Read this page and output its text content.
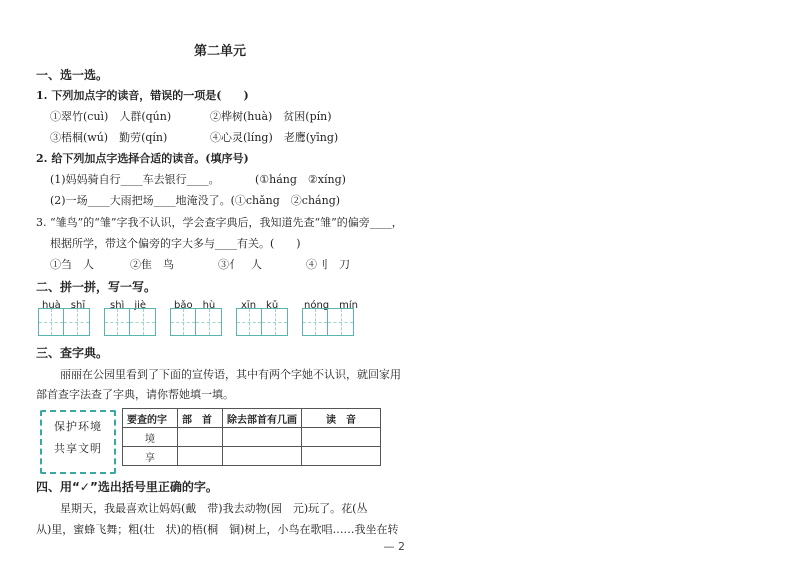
第二单元
一、选一选。
1. 下列加点字的读音，错误的一项是(　　)
①翠竹(cuì)　人群(qún)	②桦树(huà)　贫困(pín)
③梧桐(wú)　勤劳(qín)	④心灵(líng)　老鹰(yīng)
2. 给下列加点字选择合适的读音。(填序号)
(1)妈妈骑自行____车去银行____。	(①háng　②xíng)
(2)一场____大雨把场____地淹没了。(①chǎng　②cháng)
3. “雏鸟”的“雏”字我不认识，学会查字典后，我知道先查“雏”的偏旁____，
根据所学，带这个偏旁的字大多与____有关。(　　)
①刍　人	②隹　鸟	③亻　人	④刂　刀
二、拼一拼，写一写。
huà　shī shì　jiè	bǎo　hù	xīn　kǔ	nóng　mín
三、查字典。
丽丽在公园里看到了下面的宣传语，其中有两个字她不认识，就回家用
部首查字法查了字典，请你帮她填一填。
保护环境
共享文明
要查的字	部　首	除去部首有几画	读　音
境			
享			
四、用“✓”选出括号里正确的字。
星期天，我最喜欢让妈妈(戴　带)我去动物(园　元)玩了。花(丛
从)里，蜜蜂飞舞；粗(壮　状)的梧(桐　铜)树上，小鸟在歌唱……我坐在转
— 2
